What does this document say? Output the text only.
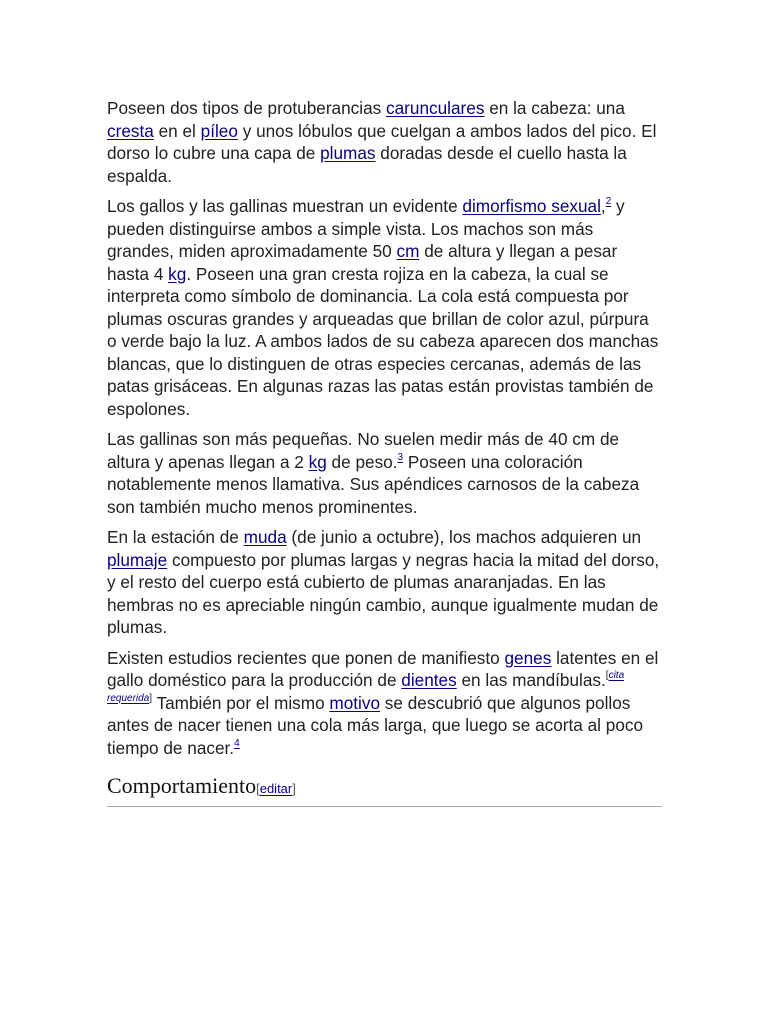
Poseen dos tipos de protuberancias carunculares en la cabeza: una cresta en el píleo y unos lóbulos que cuelgan a ambos lados del pico. El dorso lo cubre una capa de plumas doradas desde el cuello hasta la espalda.

Los gallos y las gallinas muestran un evidente dimorfismo sexual,$^2$ y pueden distinguirse ambos a simple vista. Los machos son más grandes, miden aproximadamente 50 cm de altura y llegan a pesar hasta 4 kg. Poseen una gran cresta rojiza en la cabeza, la cual se interpreta como símbolo de dominancia. La cola está compuesta por plumas oscuras grandes y arqueadas que brillan de color azul, púrpura o verde bajo la luz. A ambos lados de su cabeza aparecen dos manchas blancas, que lo distinguen de otras especies cercanas, además de las patas grisáceas. En algunas razas las patas están provistas también de espolones.

Las gallinas son más pequeñas. No suelen medir más de 40 cm de altura y apenas llegan a 2 kg de peso.$^3$ Poseen una coloración notablemente menos llamativa. Sus apéndices carnosos de la cabeza son también mucho menos prominentes.

En la estación de muda (de junio a octubre), los machos adquieren un plumaje compuesto por plumas largas y negras hacia la mitad del dorso, y el resto del cuerpo está cubierto de plumas anaranjadas. En las hembras no es apreciable ningún cambio, aunque igualmente mudan de plumas.

Existen estudios recientes que ponen de manifiesto genes latentes en el gallo doméstico para la producción de dientes en las mandíbulas.[cita requerida] También por el mismo motivo se descubrió que algunos pollos antes de nacer tienen una cola más larga, que luego se acorta al poco tiempo de nacer.$^4$

Comportamiento[editar]
